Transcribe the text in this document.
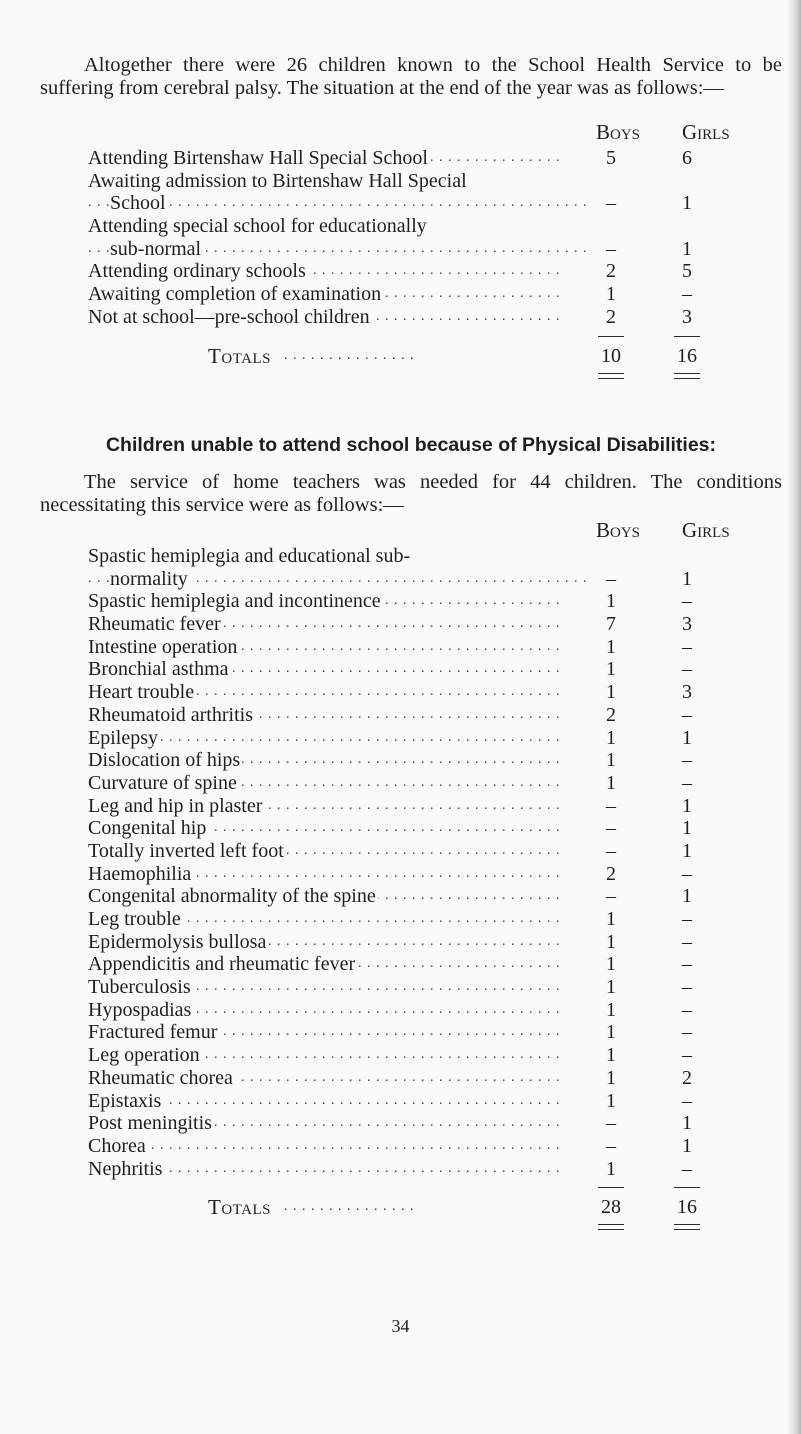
Altogether there were 26 children known to the School Health Service to be suffering from cerebral palsy. The situation at the end of the year was as follows:—

Boys Girls
Attending Birtenshaw Hall Special School . . .	5	6
Awaiting admission to Birtenshaw Hall Special
School . . .	–	1
Attending special school for educationally
sub-normal . . .	–	1
Attending ordinary schools . . .	2	5
Awaiting completion of examination . . .	1	–
Not at school—pre-school children . . .	2	3
Totals . . . . . . . . . . . . . . .	10	16
Children unable to attend school because of Physical Disabilities:

The service of home teachers was needed for 44 children. The conditions necessitating this service were as follows:—

Boys Girls
Spastic hemiplegia and educational sub-
normality . . .	–	1
Spastic hemiplegia and incontinence . . .	1	–
Rheumatic fever . . .	7	3
Intestine operation . . .	1	–
Bronchial asthma . . .	1	–
Heart trouble . . .	1	3
Rheumatoid arthritis . . .	2	–
Epilepsy . . .	1	1
Dislocation of hips . . .	1	–
Curvature of spine . . .	1	–
Leg and hip in plaster . . .	–	1
Congenital hip . . .	–	1
Totally inverted left foot . . .	–	1
Haemophilia . . .	2	–
Congenital abnormality of the spine . . .	–	1
Leg trouble . . .	1	–
Epidermolysis bullosa . . .	1	–
Appendicitis and rheumatic fever . . .	1	–
Tuberculosis . . .	1	–
Hypospadias . . .	1	–
Fractured femur . . .	1	–
Leg operation . . .	1	–
Rheumatic chorea . . .	1	2
Epistaxis . . .	1	–
Post meningitis . . .	–	1
Chorea . . .	–	1
Nephritis . . .	1	–
Totals . . . . . . . . . . . . . . .	28	16
34
